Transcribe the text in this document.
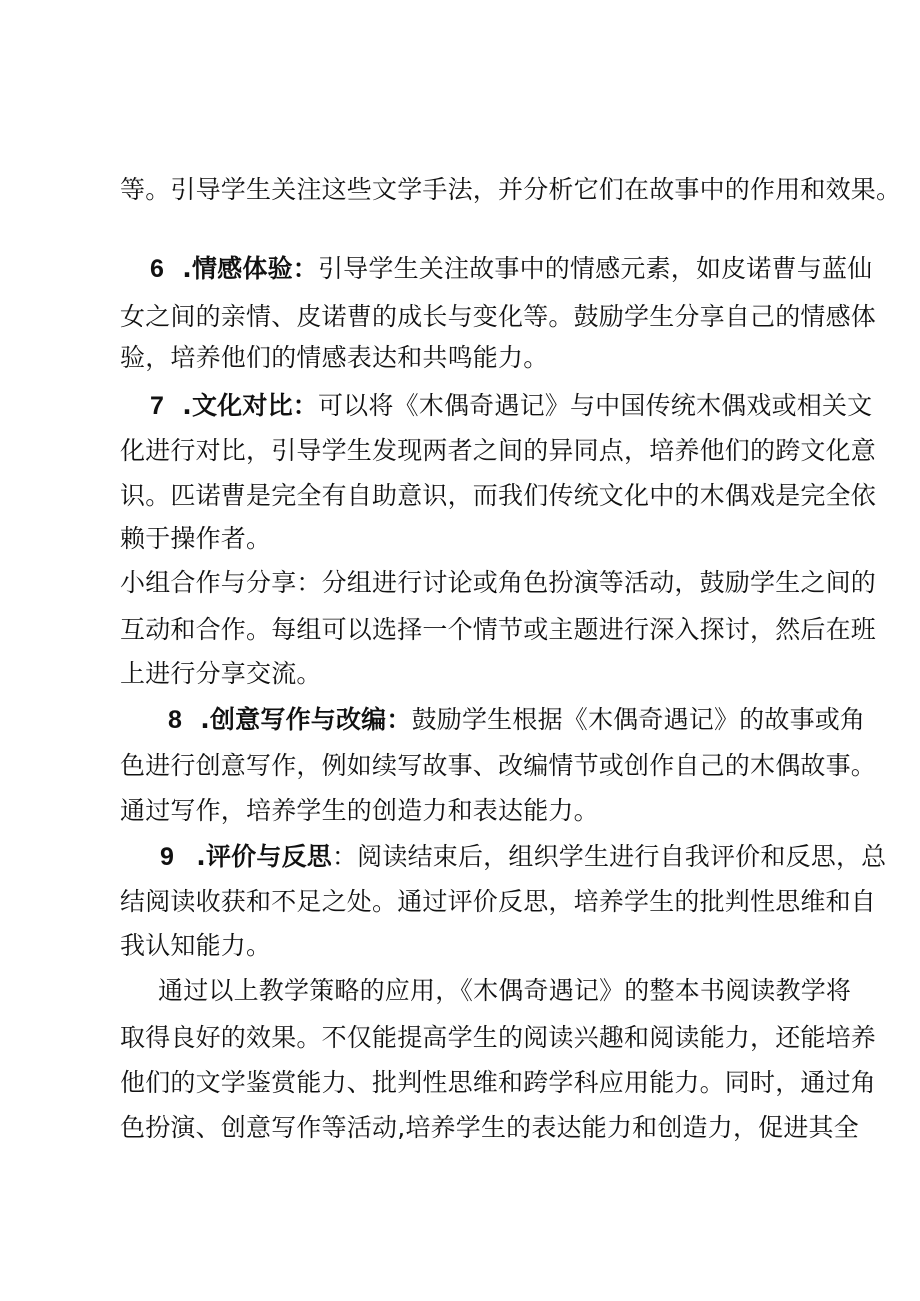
等。引导学生关注这些文学手法，并分析它们在故事中的作用和效果。
6 .情感体验：引导学生关注故事中的情感元素，如皮诺曹与蓝仙
女之间的亲情、皮诺曹的成长与变化等。鼓励学生分享自己的情感体
验，培养他们的情感表达和共鸣能力。
7 .文化对比：可以将《木偶奇遇记》与中国传统木偶戏或相关文
化进行对比，引导学生发现两者之间的异同点，培养他们的跨文化意
识。匹诺曹是完全有自助意识，而我们传统文化中的木偶戏是完全依
赖于操作者。
小组合作与分享：分组进行讨论或角色扮演等活动，鼓励学生之间的
互动和合作。每组可以选择一个情节或主题进行深入探讨，然后在班
上进行分享交流。
8 .创意写作与改编：鼓励学生根据《木偶奇遇记》的故事或角
色进行创意写作，例如续写故事、改编情节或创作自己的木偶故事。
通过写作，培养学生的创造力和表达能力。
9 .评价与反思：阅读结束后，组织学生进行自我评价和反思，总
结阅读收获和不足之处。通过评价反思，培养学生的批判性思维和自
我认知能力。
通过以上教学策略的应用，《木偶奇遇记》的整本书阅读教学将
取得良好的效果。不仅能提高学生的阅读兴趣和阅读能力，还能培养
他们的文学鉴赏能力、批判性思维和跨学科应用能力。同时，通过角
色扮演、创意写作等活动,培养学生的表达能力和创造力，促进其全
